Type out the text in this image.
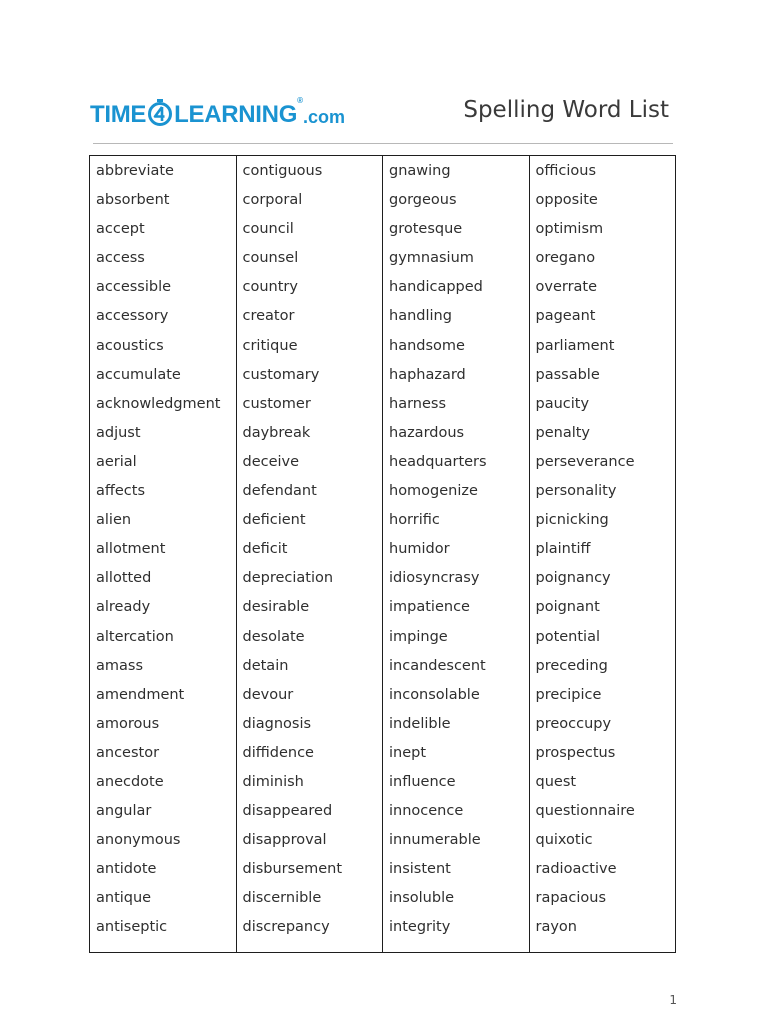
TIME LEARNING
®
.com	Spelling Word List
abbreviate
absorbent
accept
access
accessible
accessory
acoustics
accumulate
acknowledgment
adjust
aerial
affects
alien
allotment
allotted
already
altercation
amass
amendment
amorous
ancestor
anecdote
angular
anonymous
antidote
antique
antiseptic
contiguous
corporal
council
counsel
country
creator
critique
customary
customer
daybreak
deceive
defendant
deficient
deficit
depreciation
desirable
desolate
detain
devour
diagnosis
diffidence
diminish
disappeared
disapproval
disbursement
discernible
discrepancy
gnawing
gorgeous
grotesque
gymnasium
handicapped
handling
handsome
haphazard
harness
hazardous
headquarters
homogenize
horrific
humidor
idiosyncrasy
impatience
impinge
incandescent
inconsolable
indelible
inept
influence
innocence
innumerable
insistent
insoluble
integrity
officious
opposite
optimism
oregano
overrate
pageant
parliament
passable
paucity
penalty
perseverance
personality
picnicking
plaintiff
poignancy
poignant
potential
preceding
precipice
preoccupy
prospectus
quest
questionnaire
quixotic
radioactive
rapacious
rayon
1
